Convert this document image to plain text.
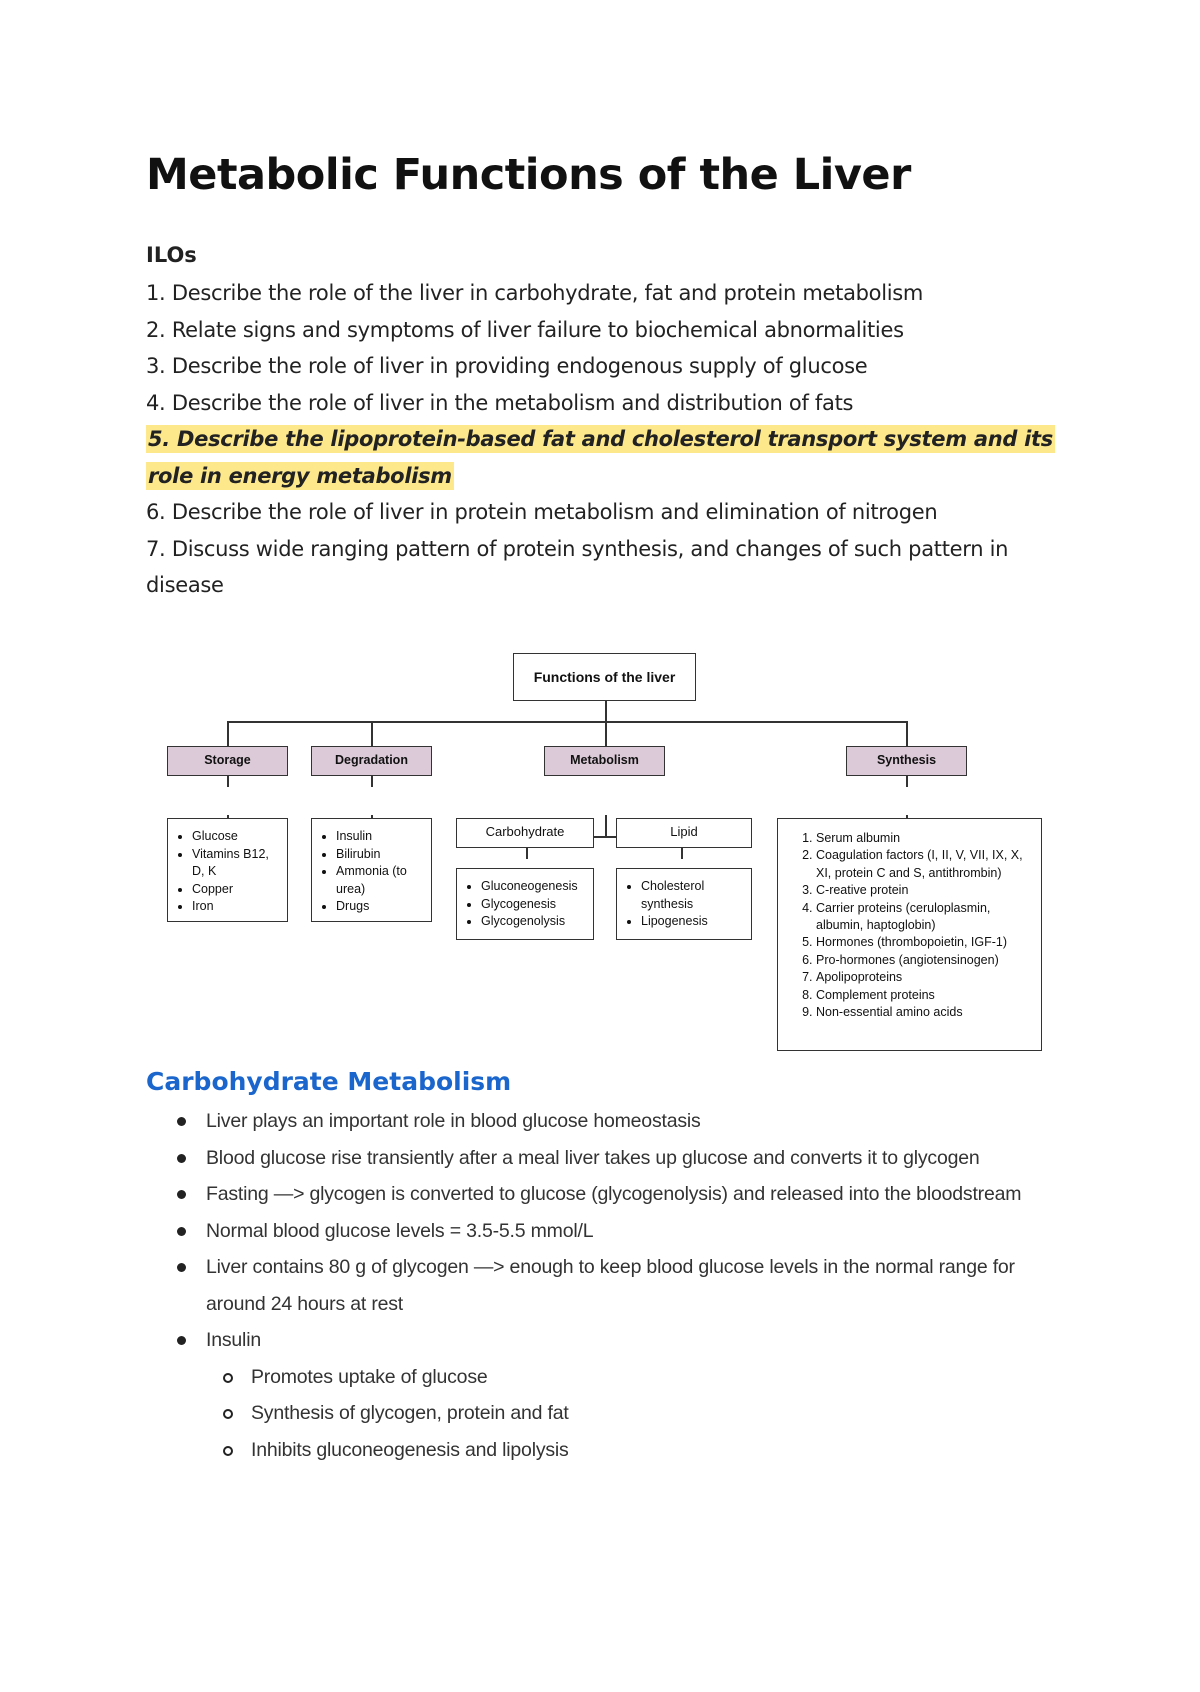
Metabolic Functions of the Liver
ILOs
1. Describe the role of the liver in carbohydrate, fat and protein metabolism
2. Relate signs and symptoms of liver failure to biochemical abnormalities
3. Describe the role of liver in providing endogenous supply of glucose
4. Describe the role of liver in the metabolism and distribution of fats
5. Describe the lipoprotein-based fat and cholesterol transport system and its role in energy metabolism
6. Describe the role of liver in protein metabolism and elimination of nitrogen
7. Discuss wide ranging pattern of protein synthesis, and changes of such pattern in disease
Functions of the liver
Storage	Degradation	Metabolism	Synthesis
• Glucose
• Vitamins B12, D, K
• Copper
• Iron
• Insulin
• Bilirubin
• Ammonia (to urea)
• Drugs
Carbohydrate	Lipid
• Gluconeogenesis
• Glycogenesis
• Glycogenolysis
• Cholesterol synthesis
• Lipogenesis
1. Serum albumin
2. Coagulation factors (I, II, V, VII, IX, X, XI, protein C and S, antithrombin)
3. C-reative protein
4. Carrier proteins (ceruloplasmin, albumin, haptoglobin)
5. Hormones (thrombopoietin, IGF-1)
6. Pro-hormones (angiotensinogen)
7. Apolipoproteins
8. Complement proteins
9. Non-essential amino acids
Carbohydrate Metabolism
Liver plays an important role in blood glucose homeostasis
Blood glucose rise transiently after a meal liver takes up glucose and converts it to glycogen
Fasting —> glycogen is converted to glucose (glycogenolysis) and released into the bloodstream
Normal blood glucose levels = 3.5-5.5 mmol/L
Liver contains 80 g of glycogen —> enough to keep blood glucose levels in the normal range for around 24 hours at rest
Insulin
Promotes uptake of glucose
Synthesis of glycogen, protein and fat
Inhibits gluconeogenesis and lipolysis
